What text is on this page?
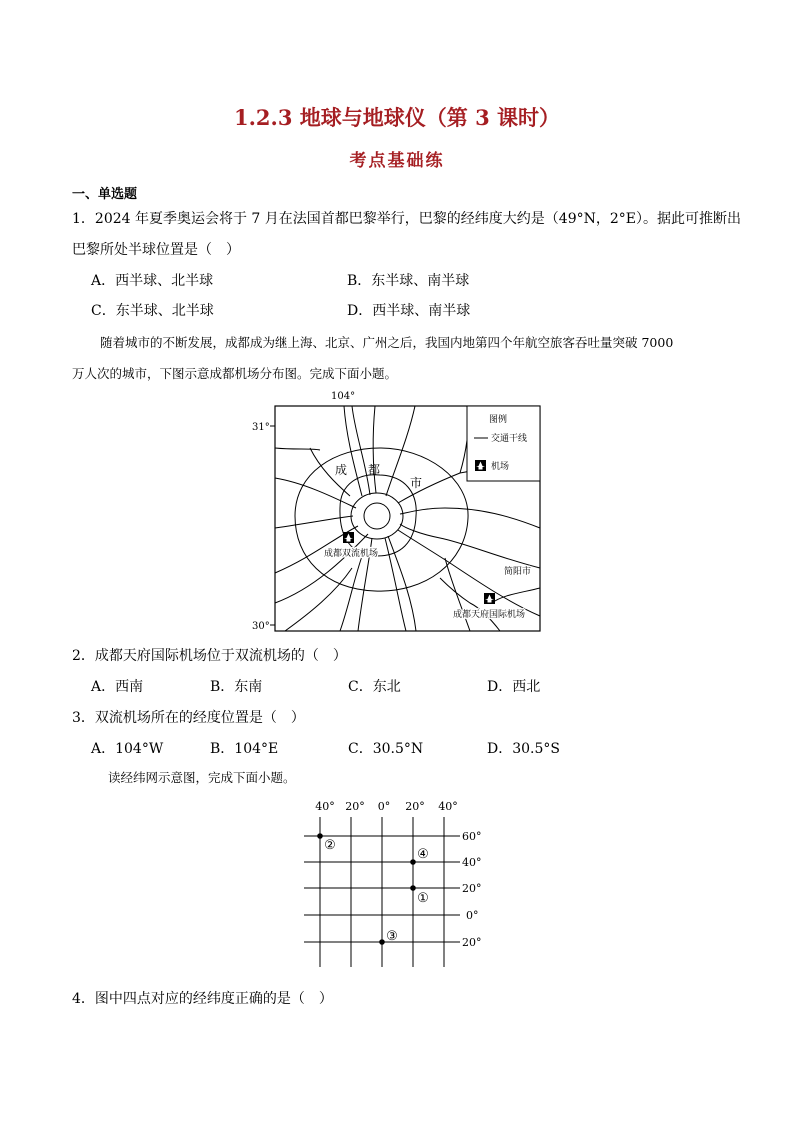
1.2.3 地球与地球仪（第 3 课时）
考点基础练
一、单选题
1．2024 年夏季奥运会将于 7 月在法国首都巴黎举行，巴黎的经纬度大约是（49°N，2°E）。据此可推断出
巴黎所处半球位置是（　）
A．西半球、北半球	B．东半球、南半球
C．东半球、北半球	D．西半球、南半球
随着城市的不断发展，成都成为继上海、北京、广州之后，我国内地第四个年航空旅客吞吐量突破 7000
万人次的城市，下图示意成都机场分布图。完成下面小题。
104°
31°
30°
成 都
市
图例
交通干线
机场
成都双流机场
简阳市
成都天府国际机场
2．成都天府国际机场位于双流机场的（　）
A．西南	B．东南	C．东北	D．西北
3．双流机场所在的经度位置是（　）
A．104°W	B．104°E	C．30.5°N	D．30.5°S
读经纬网示意图，完成下面小题。
40° 20° 0° 20° 40°
60°
40°
20°
0°
20°
②
④
①
③
4．图中四点对应的经纬度正确的是（　）
